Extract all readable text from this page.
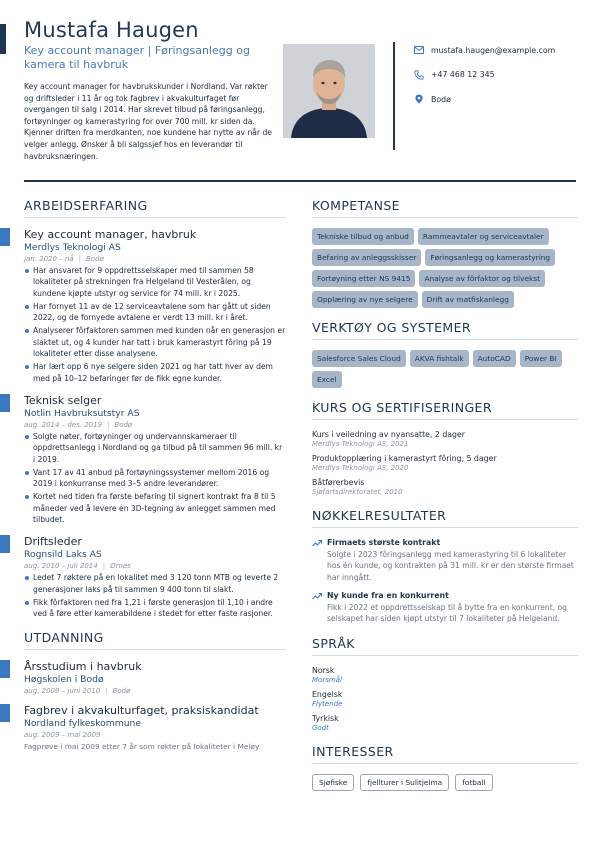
Mustafa Haugen
Key account manager | Føringsanlegg og kamera til havbruk
Key account manager for havbrukskunder i Nordland. Var røkter og driftsleder i 11 år og tok fagbrev i akvakulturfaget før overgangen til salg i 2014. Har skrevet tilbud på føringsanlegg, fortøyninger og kamerastyring for over 700 mill. kr siden da. Kjenner driften fra merdkanten, noe kundene har nytte av når de velger anlegg. Ønsker å bli salgssjef hos en leverandør til havbruksnæringen.
mustafa.haugen@example.com
+47 468 12 345
Bodø
ARBEIDSERFARING
Key account manager, havbruk
Merdlys Teknologi AS
jan. 2020 – nå | Bodø
Har ansvaret for 9 oppdrettsselskaper med til sammen 58 lokaliteter på strekningen fra Helgeland til Vesterålen, og kundene kjøpte utstyr og service for 74 mill. kr i 2025.
Har fornyet 11 av de 12 serviceavtalene som har gått ut siden 2022, og de fornyede avtalene er verdt 13 mill. kr i året.
Analyserer fôrfaktoren sammen med kunden når en generasjon er slaktet ut, og 4 kunder har tatt i bruk kamerastyrt fôring på 19 lokaliteter etter disse analysene.
Har lært opp 6 nye selgere siden 2021 og har tatt hver av dem med på 10–12 befaringer før de fikk egne kunder.
Teknisk selger
Notlin Havbruksutstyr AS
aug. 2014 – des. 2019 | Bodø
Solgte nøter, fortøyninger og undervannskameraer til oppdrettsanlegg i Nordland og ga tilbud på til sammen 96 mill. kr i 2019.
Vant 17 av 41 anbud på fortøyningssystemer mellom 2016 og 2019 i konkurranse med 3–5 andre leverandører.
Kortet ned tiden fra første befaring til signert kontrakt fra 8 til 5 måneder ved å levere en 3D-tegning av anlegget sammen med tilbudet.
Driftsleder
Rognsild Laks AS
aug. 2010 – juli 2014 | Ørnes
Ledet 7 røktere på en lokalitet med 3 120 tonn MTB og leverte 2 generasjoner laks på til sammen 9 400 tonn til slakt.
Fikk fôrfaktoren ned fra 1,21 i første generasjon til 1,10 i andre ved å føre etter kamerabildene i stedet for etter faste rasjoner.
UTDANNING
Årsstudium i havbruk
Høgskolen i Bodø
aug. 2009 – juni 2010 | Bodø
Fagbrev i akvakulturfaget, praksiskandidat
Nordland fylkeskommune
aug. 2009 – mai 2009
Fagprøve i mai 2009 etter 7 år som røkter på lokaliteter i Meløy
KOMPETANSE
Tekniske tilbud og anbud	Rammeavtaler og serviceavtaler
Befaring av anleggsskisser	Føringsanlegg og kamerastyring
Fortøyning etter NS 9415	Analyse av fôrfaktor og tilvekst
Opplæring av nye selgere	Drift av matfiskanlegg
VERKTØY OG SYSTEMER
Salesforce Sales Cloud	AKVA fishtalk	AutoCAD	Power BI
Excel
KURS OG SERTIFISERINGER
Kurs i veiledning av nyansatte, 2 dager
Merdlys Teknologi AS, 2021
Produktopplæring i kamerastyrt fôring, 5 dager
Merdlys Teknologi AS, 2020
Båtførerbevis
Sjøfartsdirektoratet, 2010
NØKKELRESULTATER
Firmaets største kontrakt
Solgte i 2023 fôringsanlegg med kamerastyring til 6 lokaliteter hos én kunde, og kontrakten på 31 mill. kr er den største firmaet har inngått.
Ny kunde fra en konkurrent
Fikk i 2022 et oppdrettsselskap til å bytte fra en konkurrent, og selskapet har siden kjøpt utstyr til 7 lokaliteter på Helgeland.
SPRÅK
Norsk
Morsmål
Engelsk
Flytende
Tyrkisk
Godt
INTERESSER
Sjøfiske	fjellturer i Sulitjelma	fotball
